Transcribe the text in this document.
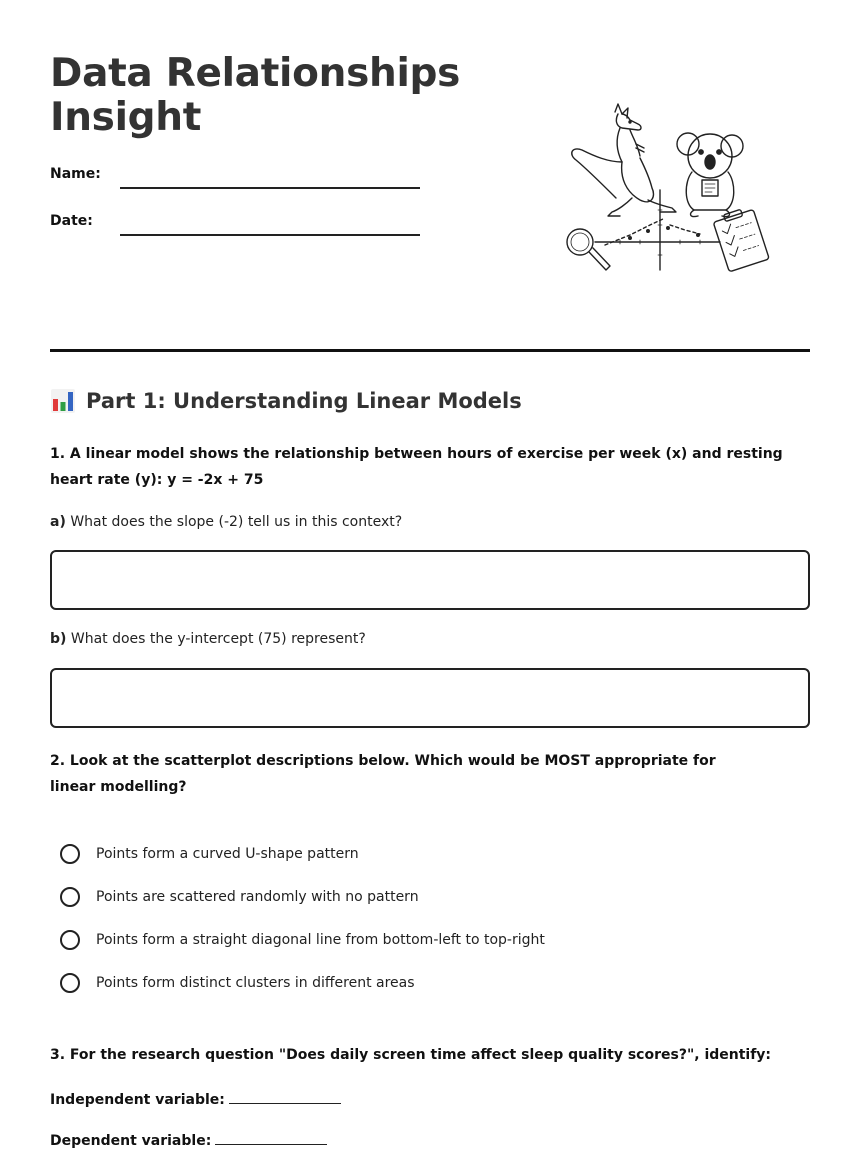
Data Relationships
Insight
Name:
Date:
Part 1: Understanding Linear Models
1. A linear model shows the relationship between hours of exercise per week (x) and resting heart rate (y): y = -2x + 75
a) What does the slope (-2) tell us in this context?
b) What does the y-intercept (75) represent?
2. Look at the scatterplot descriptions below. Which would be MOST appropriate for linear modelling?
Points form a curved U-shape pattern
Points are scattered randomly with no pattern
Points form a straight diagonal line from bottom-left to top-right
Points form distinct clusters in different areas
3. For the research question "Does daily screen time affect sleep quality scores?", identify:
Independent variable:
Dependent variable:
